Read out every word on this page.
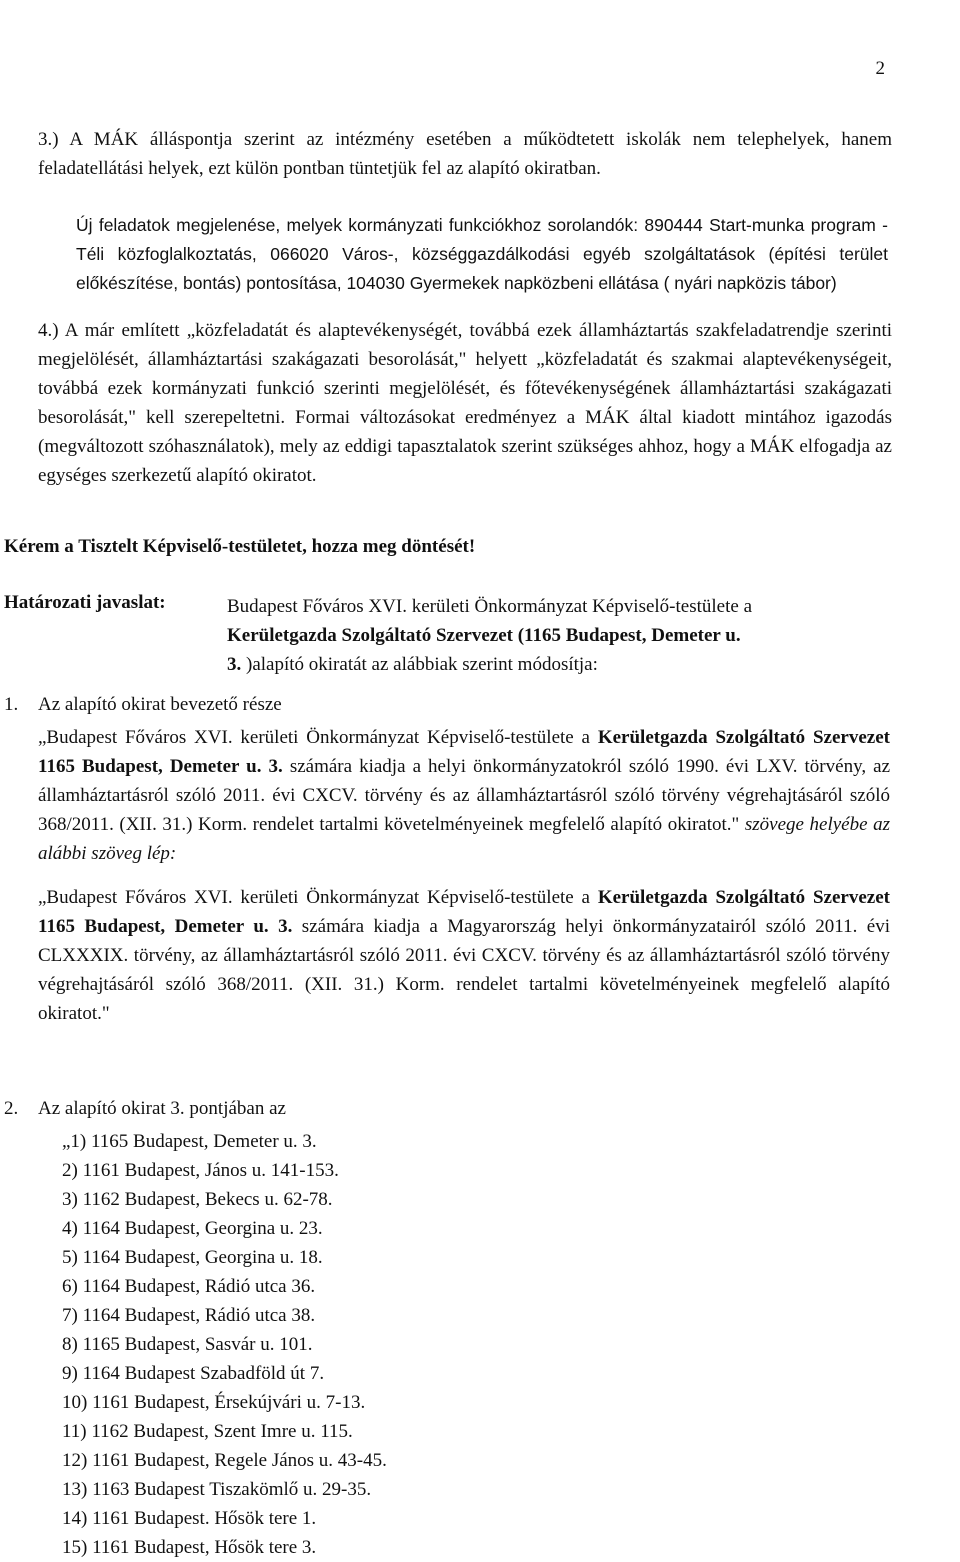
2
3.) A MÁK álláspontja szerint az intézmény esetében a működtetett iskolák nem telephelyek, hanem feladatellátási helyek, ezt külön pontban tüntetjük fel az alapító okiratban.
Új feladatok megjelenése, melyek kormányzati funkciókhoz sorolandók: 890444 Start-munka program - Téli közfoglalkoztatás, 066020 Város-, községgazdálkodási egyéb szolgáltatások (építési terület előkészítése, bontás) pontosítása, 104030 Gyermekek napközbeni ellátása ( nyári napközis tábor)
4.) A már említett „közfeladatát és alaptevékenységét, továbbá ezek államháztartás szakfeladatrendje szerinti megjelölését, államháztartási szakágazati besorolását," helyett „közfeladatát és szakmai alaptevékenységeit, továbbá ezek kormányzati funkció szerinti megjelölését, és főtevékenységének államháztartási szakágazati besorolását," kell szerepeltetni. Formai változásokat eredményez a MÁK által kiadott mintához igazodás (megváltozott szóhasználatok), mely az eddigi tapasztalatok szerint szükséges ahhoz, hogy a MÁK elfogadja az egységes szerkezetű alapító okiratot.
Kérem a Tisztelt Képviselő-testületet, hozza meg döntését!
Határozati javaslat:	Budapest Főváros XVI. kerületi Önkormányzat Képviselő-testülete a
Kerületgazda Szolgáltató Szervezet (1165 Budapest, Demeter u.
3. )alapító okiratát az alábbiak szerint módosítja:
1. Az alapító okirat bevezető része
„Budapest Főváros XVI. kerületi Önkormányzat Képviselő-testülete a Kerületgazda Szolgáltató Szervezet 1165 Budapest, Demeter u. 3. számára kiadja a helyi önkormányzatokról szóló 1990. évi LXV. törvény, az államháztartásról szóló 2011. évi CXCV. törvény és az államháztartásról szóló törvény végrehajtásáról szóló 368/2011. (XII. 31.) Korm. rendelet tartalmi követelményeinek megfelelő alapító okiratot." szövege helyébe az alábbi szöveg lép:
„Budapest Főváros XVI. kerületi Önkormányzat Képviselő-testülete a Kerületgazda Szolgáltató Szervezet 1165 Budapest, Demeter u. 3. számára kiadja a Magyarország helyi önkormányzatairól szóló 2011. évi CLXXXIX. törvény, az államháztartásról szóló 2011. évi CXCV. törvény és az államháztartásról szóló törvény végrehajtásáról szóló 368/2011. (XII. 31.) Korm. rendelet tartalmi követelményeinek megfelelő alapító okiratot."
2. Az alapító okirat 3. pontjában az
„1) 1165 Budapest, Demeter u. 3.
2) 1161 Budapest, János u. 141-153.
3) 1162 Budapest, Bekecs u. 62-78.
4) 1164 Budapest, Georgina u. 23.
5) 1164 Budapest, Georgina u. 18.
6) 1164 Budapest, Rádió utca 36.
7) 1164 Budapest, Rádió utca 38.
8) 1165 Budapest, Sasvár u. 101.
9) 1164 Budapest Szabadföld út 7.
10) 1161 Budapest, Érsekújvári u. 7-13.
11) 1162 Budapest, Szent Imre u. 115.
12) 1161 Budapest, Regele János u. 43-45.
13) 1163 Budapest Tiszakömlő u. 29-35.
14) 1161 Budapest. Hősök tere 1.
15) 1161 Budapest, Hősök tere 3.
